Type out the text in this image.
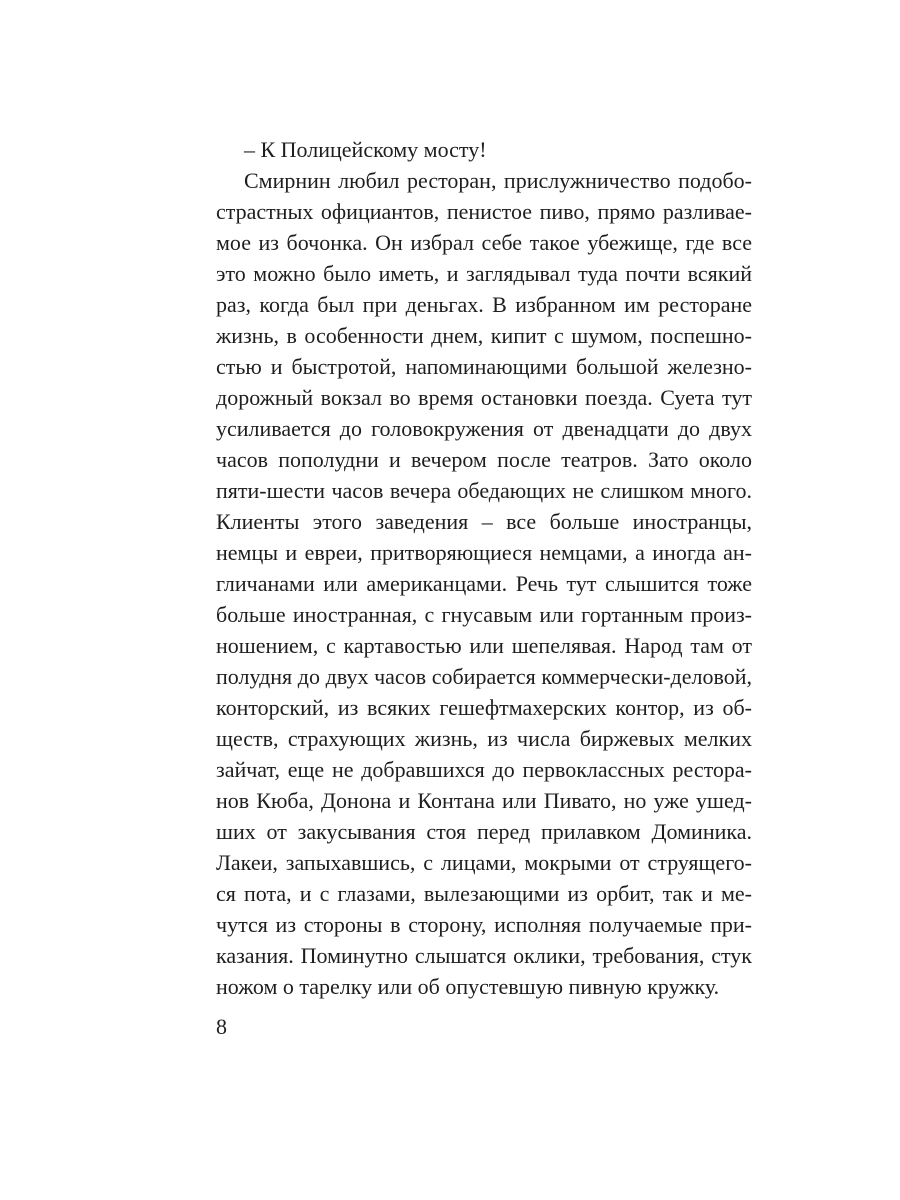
– К Полицейскому мосту!
Смирнин любил ресторан, прислужничество подобо-
страстных официантов, пенистое пиво, прямо разливае-
мое из бочонка. Он избрал себе такое убежище, где все
это можно было иметь, и заглядывал туда почти всякий
раз, когда был при деньгах. В избранном им ресторане
жизнь, в особенности днем, кипит с шумом, поспешно-
стью и быстротой, напоминающими большой железно-
дорожный вокзал во время остановки поезда. Суета тут
усиливается до головокружения от двенадцати до двух
часов пополудни и вечером после театров. Зато около
пяти-шести часов вечера обедающих не слишком много.
Клиенты этого заведения – все больше иностранцы,
немцы и евреи, притворяющиеся немцами, а иногда ан-
гличанами или американцами. Речь тут слышится тоже
больше иностранная, с гнусавым или гортанным произ-
ношением, с картавостью или шепелявая. Народ там от
полудня до двух часов собирается коммерчески-деловой,
конторский, из всяких гешефтмахерских контор, из об-
ществ, страхующих жизнь, из числа биржевых мелких
зайчат, еще не добравшихся до первоклассных рестора-
нов Кюба, Донона и Контана или Пивато, но уже ушед-
ших от закусывания стоя перед прилавком Доминика.
Лакеи, запыхавшись, с лицами, мокрыми от струящего-
ся пота, и с глазами, вылезающими из орбит, так и ме-
чутся из стороны в сторону, исполняя получаемые при-
казания. Поминутно слышатся оклики, требования, стук
ножом о тарелку или об опустевшую пивную кружку.
8
